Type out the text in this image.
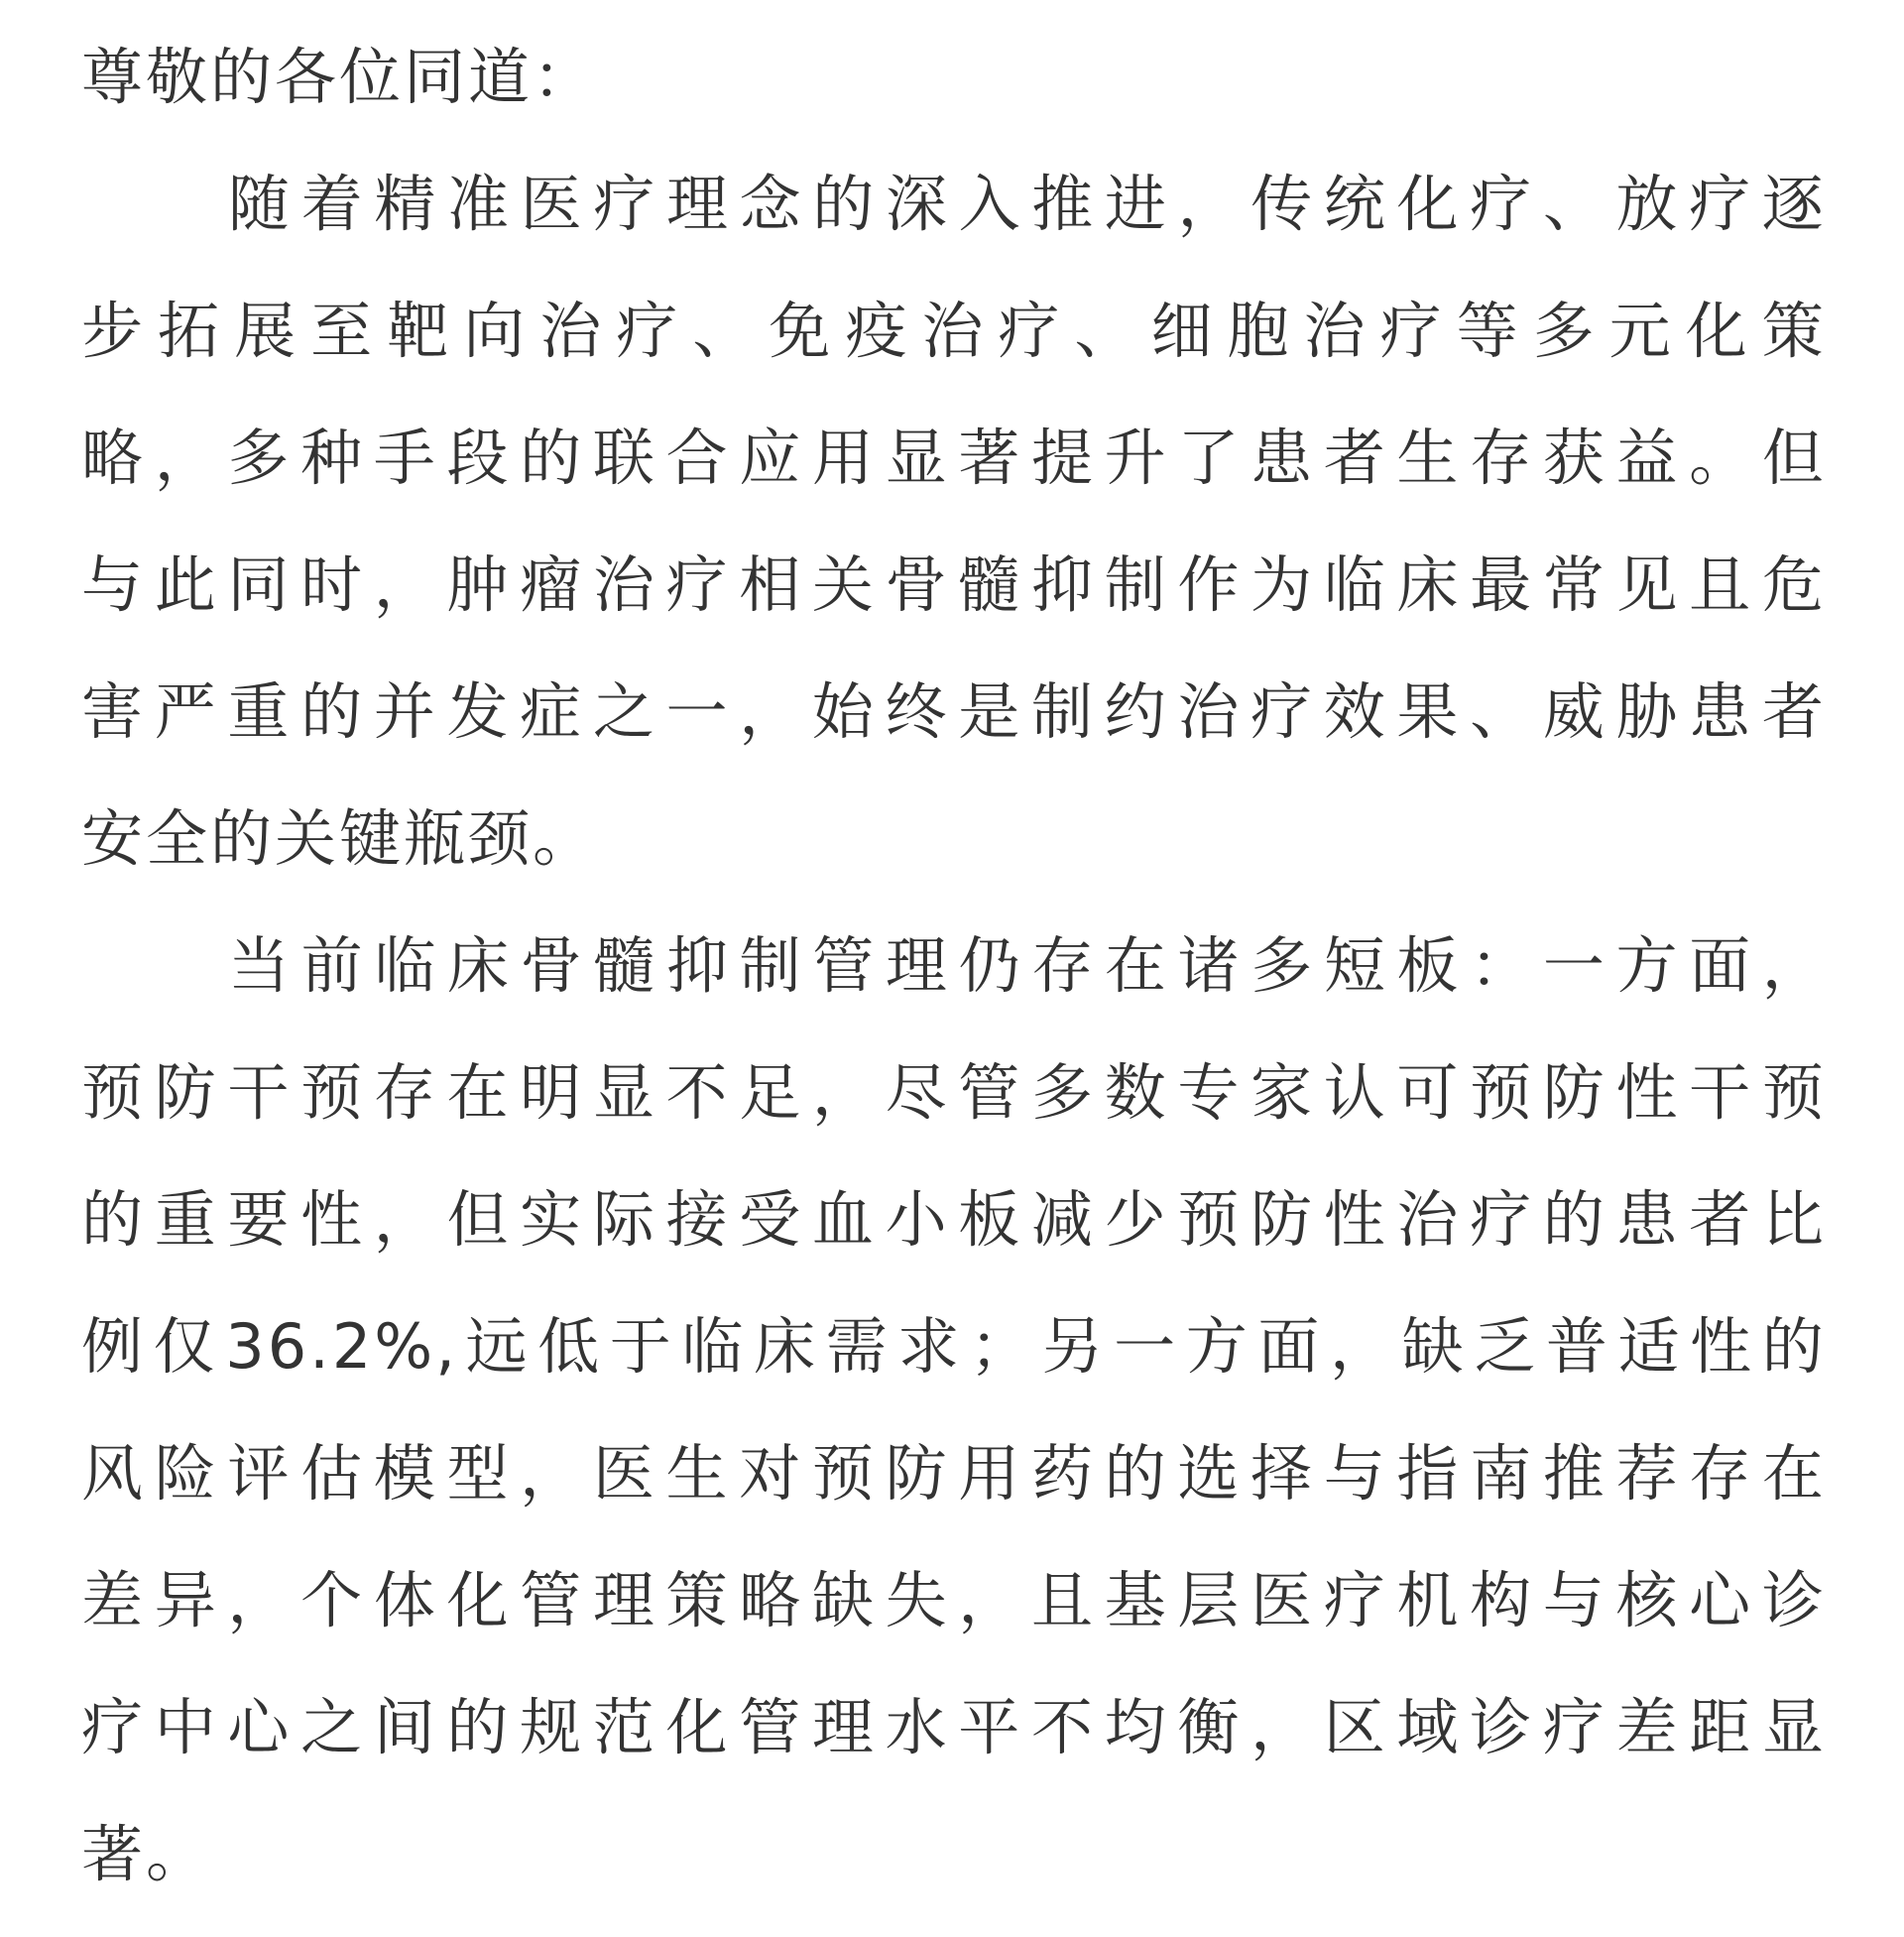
尊敬的各位同道：
随 着 精 准 医 疗 理 念 的 深 入 推 进 ， 传 统 化 疗 、 放 疗 逐
步 拓 展 至 靶 向 治 疗 、 免 疫 治 疗 、 细 胞 治 疗 等 多 元 化 策
略 ， 多 种 手 段 的 联 合 应 用 显 著 提 升 了 患 者 生 存 获 益 。 但
与 此 同 时 ， 肿 瘤 治 疗 相 关 骨 髓 抑 制 作 为 临 床 最 常 见 且 危
害 严 重 的 并 发 症 之 一 ， 始 终 是 制 约 治 疗 效 果 、 威 胁 患 者
安全的关键瓶颈。
当 前 临 床 骨 髓 抑 制 管 理 仍 存 在 诸 多 短 板 ： 一 方 面 ，
预 防 干 预 存 在 明 显 不 足 ， 尽 管 多 数 专 家 认 可 预 防 性 干 预
的 重 要 性 ， 但 实 际 接 受 血 小 板 减 少 预 防 性 治 疗 的 患 者 比
例 仅 36.2%, 远 低 于 临 床 需 求 ； 另 一 方 面 ， 缺 乏 普 适 性 的
风 险 评 估 模 型 ， 医 生 对 预 防 用 药 的 选 择 与 指 南 推 荐 存 在
差 异 ， 个 体 化 管 理 策 略 缺 失 ， 且 基 层 医 疗 机 构 与 核 心 诊
疗 中 心 之 间 的 规 范 化 管 理 水 平 不 均 衡 ， 区 域 诊 疗 差 距 显
著。
